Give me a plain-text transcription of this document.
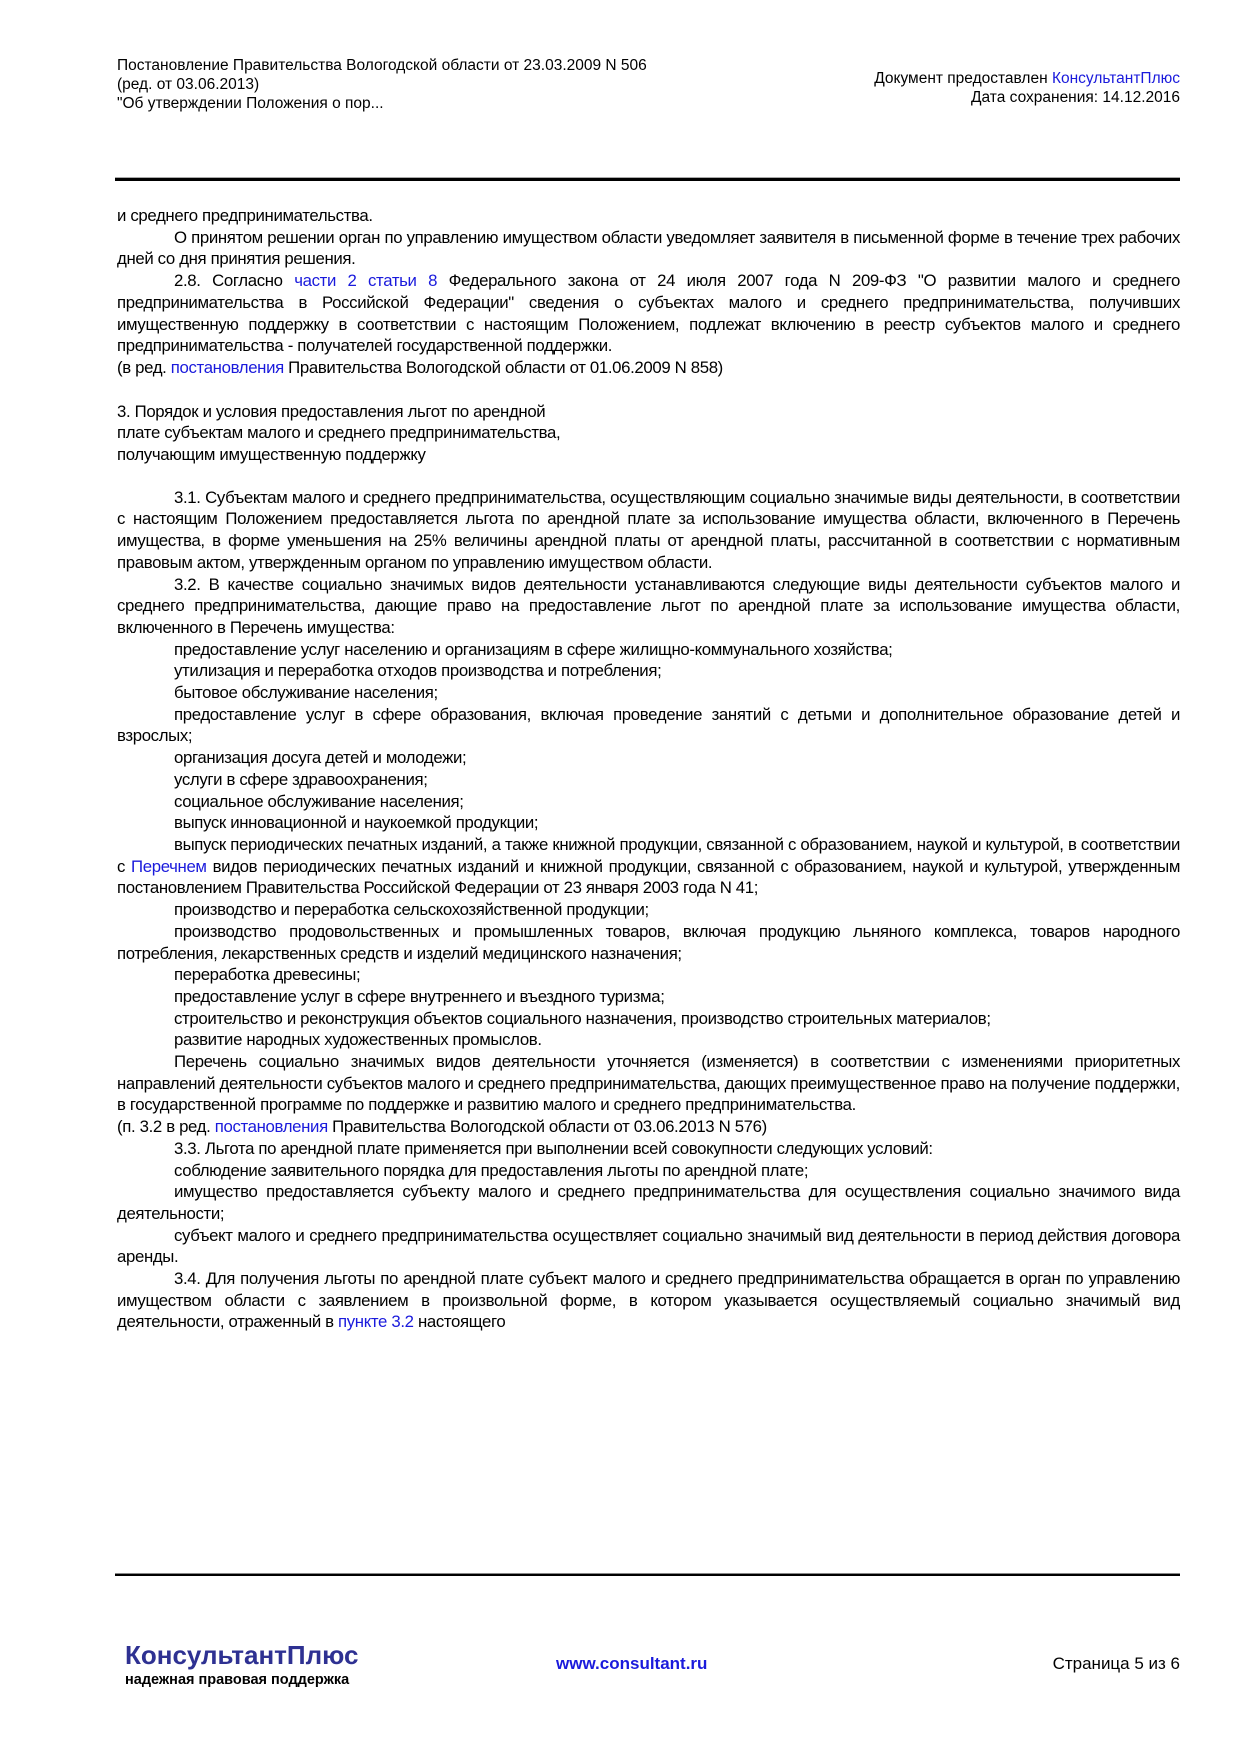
Постановление Правительства Вологодской области от 23.03.2009 N 506
(ред. от 03.06.2013)
"Об утверждении Положения о пор...
Документ предоставлен КонсультантПлюс
Дата сохранения: 14.12.2016

и среднего предпринимательства.

О принятом решении орган по управлению имуществом области уведомляет заявителя в письменной форме в течение трех рабочих дней со дня принятия решения.

2.8. Согласно части 2 статьи 8 Федерального закона от 24 июля 2007 года N 209-ФЗ "О развитии малого и среднего предпринимательства в Российской Федерации" сведения о субъектах малого и среднего предпринимательства, получивших имущественную поддержку в соответствии с настоящим Положением, подлежат включению в реестр субъектов малого и среднего предпринимательства - получателей государственной поддержки.

(в ред. постановления Правительства Вологодской области от 01.06.2009 N 858)

3. Порядок и условия предоставления льгот по арендной

плате субъектам малого и среднего предпринимательства,

получающим имущественную поддержку

3.1. Субъектам малого и среднего предпринимательства, осуществляющим социально значимые виды деятельности, в соответствии с настоящим Положением предоставляется льгота по арендной плате за использование имущества области, включенного в Перечень имущества, в форме уменьшения на 25% величины арендной платы от арендной платы, рассчитанной в соответствии с нормативным правовым актом, утвержденным органом по управлению имуществом области.

3.2. В качестве социально значимых видов деятельности устанавливаются следующие виды деятельности субъектов малого и среднего предпринимательства, дающие право на предоставление льгот по арендной плате за использование имущества области, включенного в Перечень имущества:

предоставление услуг населению и организациям в сфере жилищно-коммунального хозяйства;

утилизация и переработка отходов производства и потребления;

бытовое обслуживание населения;

предоставление услуг в сфере образования, включая проведение занятий с детьми и дополнительное образование детей и взрослых;

организация досуга детей и молодежи;

услуги в сфере здравоохранения;

социальное обслуживание населения;

выпуск инновационной и наукоемкой продукции;

выпуск периодических печатных изданий, а также книжной продукции, связанной с образованием, наукой и культурой, в соответствии с Перечнем видов периодических печатных изданий и книжной продукции, связанной с образованием, наукой и культурой, утвержденным постановлением Правительства Российской Федерации от 23 января 2003 года N 41;

производство и переработка сельскохозяйственной продукции;

производство продовольственных и промышленных товаров, включая продукцию льняного комплекса, товаров народного потребления, лекарственных средств и изделий медицинского назначения;

переработка древесины;

предоставление услуг в сфере внутреннего и въездного туризма;

строительство и реконструкция объектов социального назначения, производство строительных материалов;

развитие народных художественных промыслов.

Перечень социально значимых видов деятельности уточняется (изменяется) в соответствии с изменениями приоритетных направлений деятельности субъектов малого и среднего предпринимательства, дающих преимущественное право на получение поддержки, в государственной программе по поддержке и развитию малого и среднего предпринимательства.

(п. 3.2 в ред. постановления Правительства Вологодской области от 03.06.2013 N 576)

3.3. Льгота по арендной плате применяется при выполнении всей совокупности следующих условий:

соблюдение заявительного порядка для предоставления льготы по арендной плате;

имущество предоставляется субъекту малого и среднего предпринимательства для осуществления социально значимого вида деятельности;

субъект малого и среднего предпринимательства осуществляет социально значимый вид деятельности в период действия договора аренды.

3.4. Для получения льготы по арендной плате субъект малого и среднего предпринимательства обращается в орган по управлению имуществом области с заявлением в произвольной форме, в котором указывается осуществляемый социально значимый вид деятельности, отраженный в пункте 3.2 настоящего

КонсультантПлюс
надежная правовая поддержка
www.consultant.ru	Страница 5 из 6
